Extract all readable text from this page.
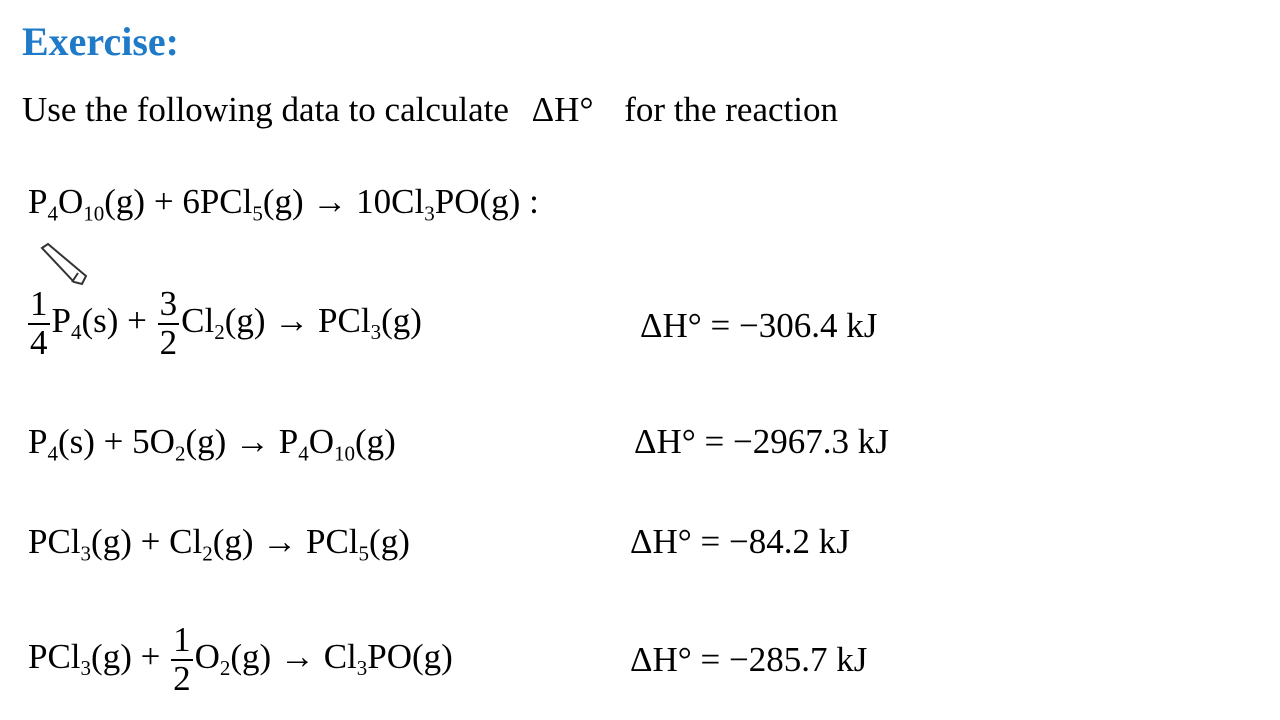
Exercise:
Use the following data to calculate ΔH° for the reaction
$P_4O_{10}(g) + 6PCl_5(g) \to 10Cl_3PO(g)$ :
$\frac{1}{4} P_4(s) + \frac{3}{2} Cl_2(g) \to PCl_3(g)$	ΔH° = −306.4 kJ
$P_4(s) + 5O_2(g) \to P_4O_{10}(g)$	ΔH° = −2967.3 kJ
$PCl_3(g) + Cl_2(g) \to PCl_5(g)$	ΔH° = −84.2 kJ
$PCl_3(g) + \frac{1}{2} O_2(g) \to Cl_3PO(g)$	ΔH° = −285.7 kJ
